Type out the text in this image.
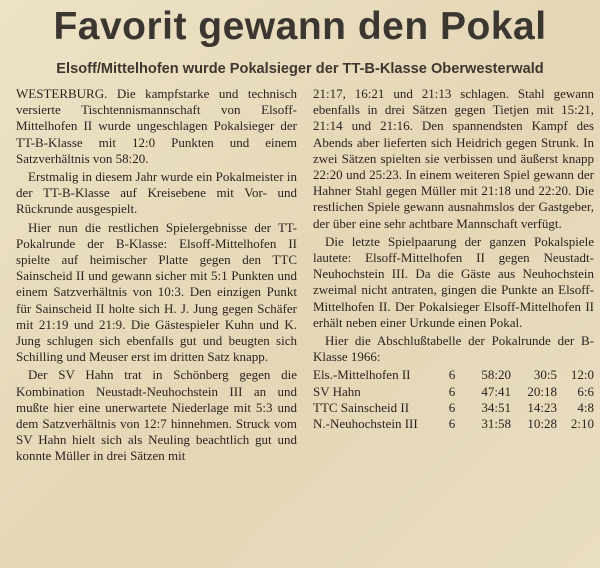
Favorit gewann den Pokal
Elsoff/Mittelhofen wurde Pokalsieger der TT-B-Klasse Oberwesterwald

WESTERBURG. Die kampfstarke und technisch versierte Tischtennismannschaft von Elsoff-Mittelhofen II wurde ungeschlagen Pokalsieger der TT-B-Klasse mit 12:0 Punkten und einem Satzverhältnis von 58:20.

Erstmalig in diesem Jahr wurde ein Pokalmeister in der TT-B-Klasse auf Kreisebene mit Vor- und Rückrunde ausgespielt.

Hier nun die restlichen Spielergebnisse der TT-Pokalrunde der B-Klasse: Elsoff-Mittelhofen II spielte auf heimischer Platte gegen den TTC Sainscheid II und gewann sicher mit 5:1 Punkten und einem Satzverhältnis von 10:3. Den einzigen Punkt für Sainscheid II holte sich H. J. Jung gegen Schäfer mit 21:19 und 21:9. Die Gästespieler Kuhn und K. Jung schlugen sich ebenfalls gut und beugten sich Schilling und Meuser erst im dritten Satz knapp.

Der SV Hahn trat in Schönberg gegen die Kombination Neustadt-Neuhochstein III an und mußte hier eine unerwartete Niederlage mit 5:3 und dem Satzverhältnis von 12:7 hinnehmen. Struck vom SV Hahn hielt sich als Neuling beachtlich gut und konnte Müller in drei Sätzen mit

21:17, 16:21 und 21:13 schlagen. Stahl gewann ebenfalls in drei Sätzen gegen Tietjen mit 15:21, 21:14 und 21:16. Den spannendsten Kampf des Abends aber lieferten sich Heidrich gegen Strunk. In zwei Sätzen spielten sie verbissen und äußerst knapp 22:20 und 25:23. In einem weiteren Spiel gewann der Hahner Stahl gegen Müller mit 21:18 und 22:20. Die restlichen Spiele gewann ausnahmslos der Gastgeber, der über eine sehr achtbare Mannschaft verfügt.

Die letzte Spielpaarung der ganzen Pokalspiele lautete: Elsoff-Mittelhofen II gegen Neustadt-Neuhochstein III. Da die Gäste aus Neuhochstein zweimal nicht antraten, gingen die Punkte an Elsoff-Mittelhofen II. Der Pokalsieger Elsoff-Mittelhofen II erhält neben einer Urkunde einen Pokal.

Hier die Abschlußtabelle der Pokalrunde der B-Klasse 1966:

Els.-Mittelhofen II	6	58:20	30:5	12:0
SV Hahn	6	47:41	20:18	6:6
TTC Sainscheid II	6	34:51	14:23	4:8
N.-Neuhochstein III	6	31:58	10:28	2:10
